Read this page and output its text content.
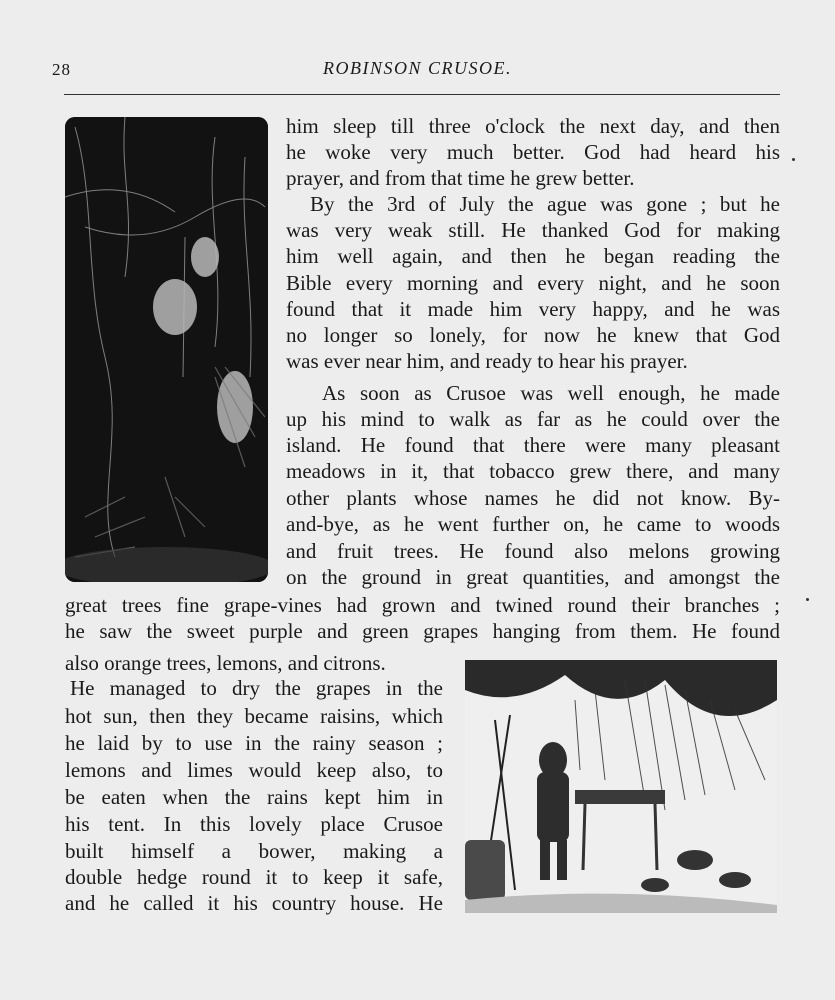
28	ROBINSON CRUSOE.
him sleep till three o'clock the next day, and then
he woke very much better. God had heard his
prayer, and from that time he grew better.
By the 3rd of July the ague was gone ; but he
was very weak still. He thanked God for making
him well again, and then he began reading the
Bible every morning and every night, and he soon
found that it made him very happy, and he was
no longer so lonely, for now he knew that God
was ever near him, and ready to hear his prayer.
As soon as Crusoe was well enough, he made
up his mind to walk as far as he could over the
island. He found that there were many pleasant
meadows in it, that tobacco grew there, and many
other plants whose names he did not know. By-
and-bye, as he went further on, he came to woods
and fruit trees. He found also melons growing
on the ground in great quantities, and amongst the
great trees fine grape-vines had grown and twined round their branches ;
he saw the sweet purple and green grapes hanging from them. He found
also orange trees, lemons, and citrons.
He managed to dry the grapes in the
hot sun, then they became raisins, which
he laid by to use in the rainy season ;
lemons and limes would keep also, to
be eaten when the rains kept him in
his tent. In this lovely place Crusoe
built himself a bower, making a
double hedge round it to keep it safe,
and he called it his country house. He
